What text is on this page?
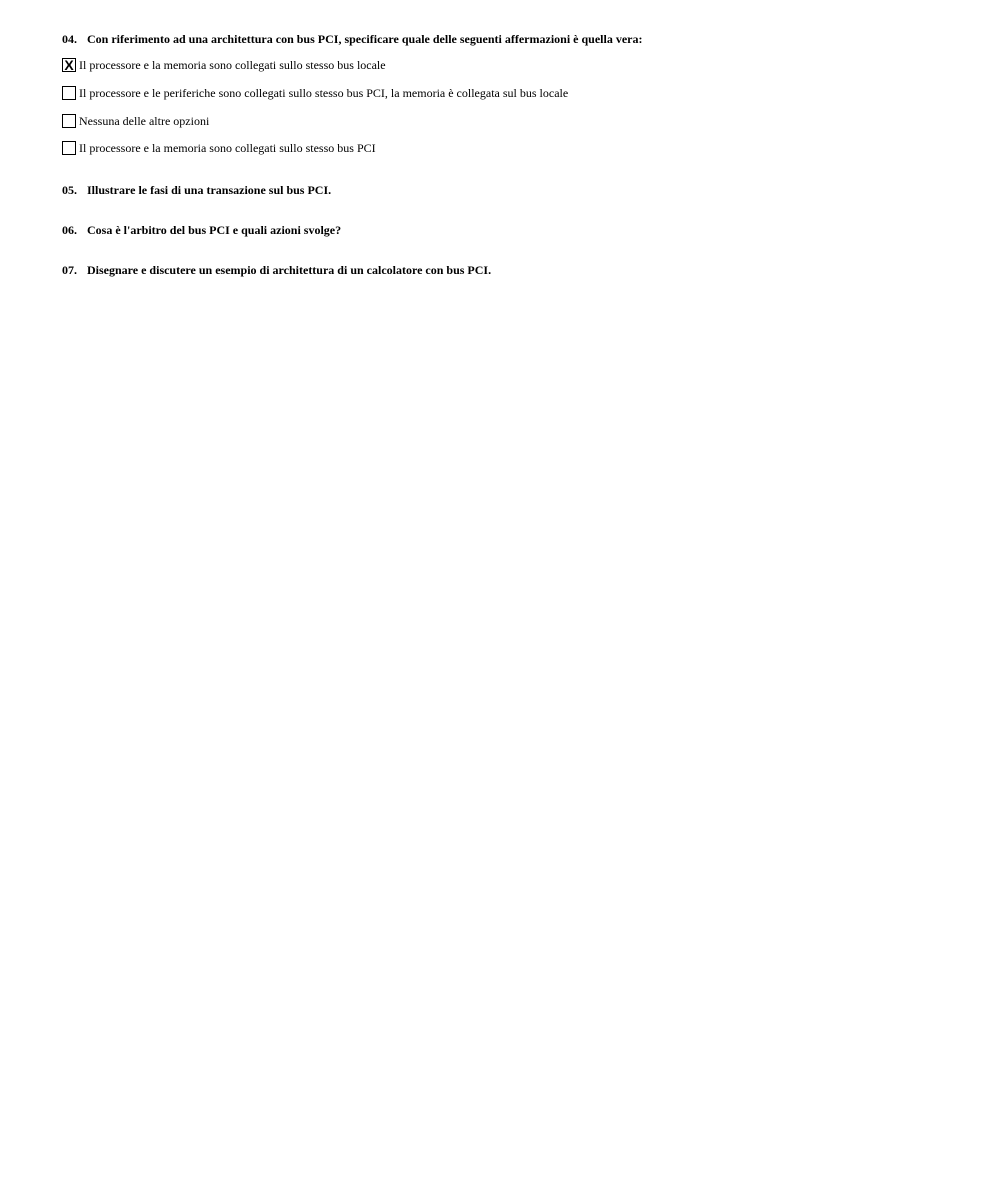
04. Con riferimento ad una architettura con bus PCI, specificare quale delle seguenti affermazioni è quella vera:
X Il processore e la memoria sono collegati sullo stesso bus locale
Il processore e le periferiche sono collegati sullo stesso bus PCI, la memoria è collegata sul bus locale
Nessuna delle altre opzioni
Il processore e la memoria sono collegati sullo stesso bus PCI
05. Illustrare le fasi di una transazione sul bus PCI.
06. Cosa è l'arbitro del bus PCI e quali azioni svolge?
07. Disegnare e discutere un esempio di architettura di un calcolatore con bus PCI.
